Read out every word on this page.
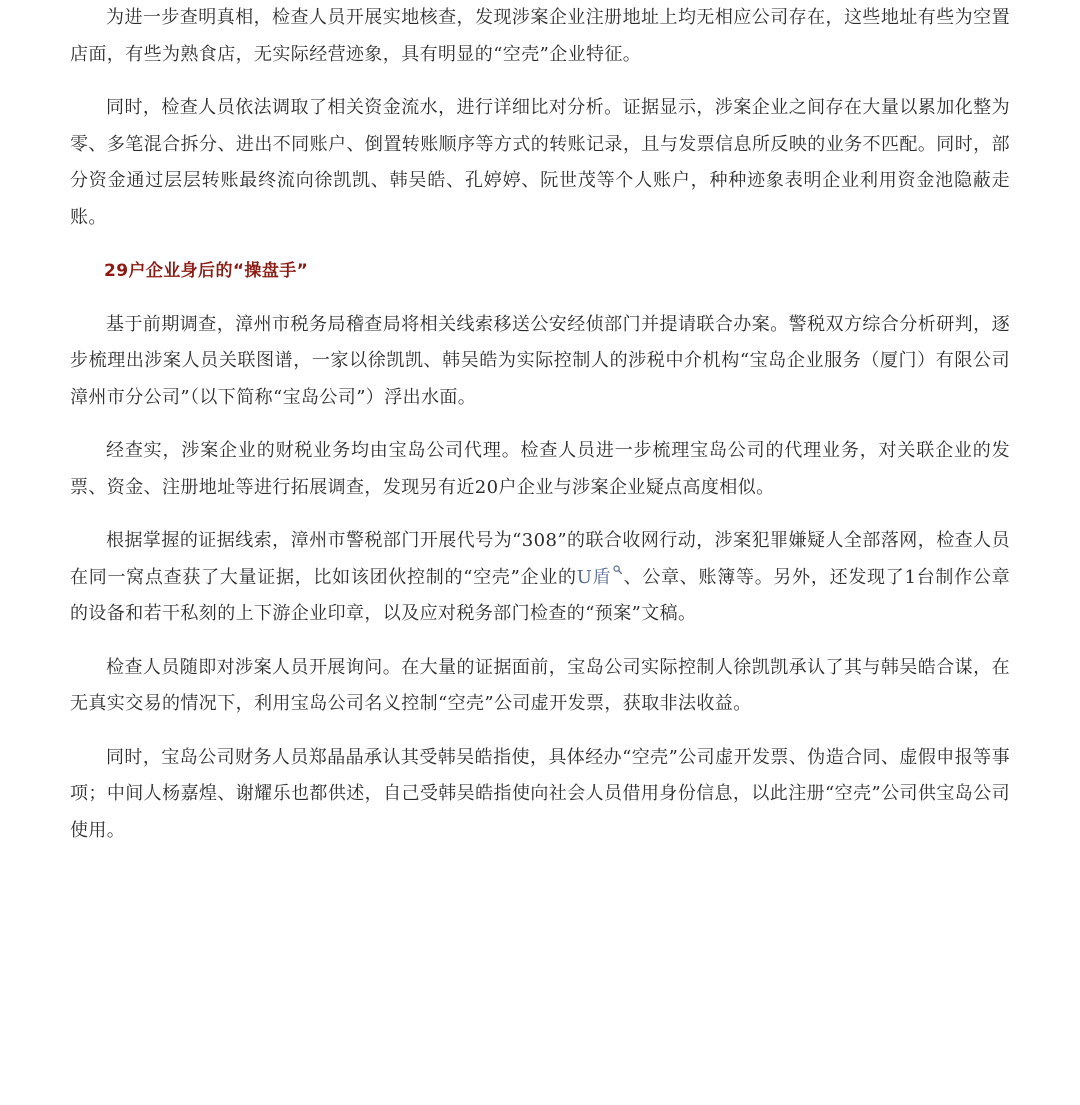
为进一步查明真相，检查人员开展实地核查，发现涉案企业注册地址上均无相应公司存在，这些地址有些为空置店面，有些为熟食店，无实际经营迹象，具有明显的“空壳”企业特征。

同时，检查人员依法调取了相关资金流水，进行详细比对分析。证据显示，涉案企业之间存在大量以累加化整为零、多笔混合拆分、进出不同账户、倒置转账顺序等方式的转账记录，且与发票信息所反映的业务不匹配。同时，部分资金通过层层转账最终流向徐凯凯、韩吴皓、孔婷婷、阮世茂等个人账户，种种迹象表明企业利用资金池隐蔽走账。

29户企业身后的“操盘手”

基于前期调查，漳州市税务局稽查局将相关线索移送公安经侦部门并提请联合办案。警税双方综合分析研判，逐步梳理出涉案人员关联图谱，一家以徐凯凯、韩吴皓为实际控制人的涉税中介机构“宝岛企业服务（厦门）有限公司漳州市分公司”（以下简称“宝岛公司”）浮出水面。

经查实，涉案企业的财税业务均由宝岛公司代理。检查人员进一步梳理宝岛公司的代理业务，对关联企业的发票、资金、注册地址等进行拓展调查，发现另有近20户企业与涉案企业疑点高度相似。

根据掌握的证据线索，漳州市警税部门开展代号为“308”的联合收网行动，涉案犯罪嫌疑人全部落网，检查人员在同一窝点查获了大量证据，比如该团伙控制的“空壳”企业的U盾 、公章、账簿等。另外，还发现了1台制作公章的设备和若干私刻的上下游企业印章，以及应对税务部门检查的“预案”文稿。

检查人员随即对涉案人员开展询问。在大量的证据面前，宝岛公司实际控制人徐凯凯承认了其与韩吴皓合谋，在无真实交易的情况下，利用宝岛公司名义控制“空壳”公司虚开发票，获取非法收益。

同时，宝岛公司财务人员郑晶晶承认其受韩吴皓指使，具体经办“空壳”公司虚开发票、伪造合同、虚假申报等事项；中间人杨嘉煌、谢耀乐也都供述，自己受韩吴皓指使向社会人员借用身份信息，以此注册“空壳”公司供宝岛公司使用。
